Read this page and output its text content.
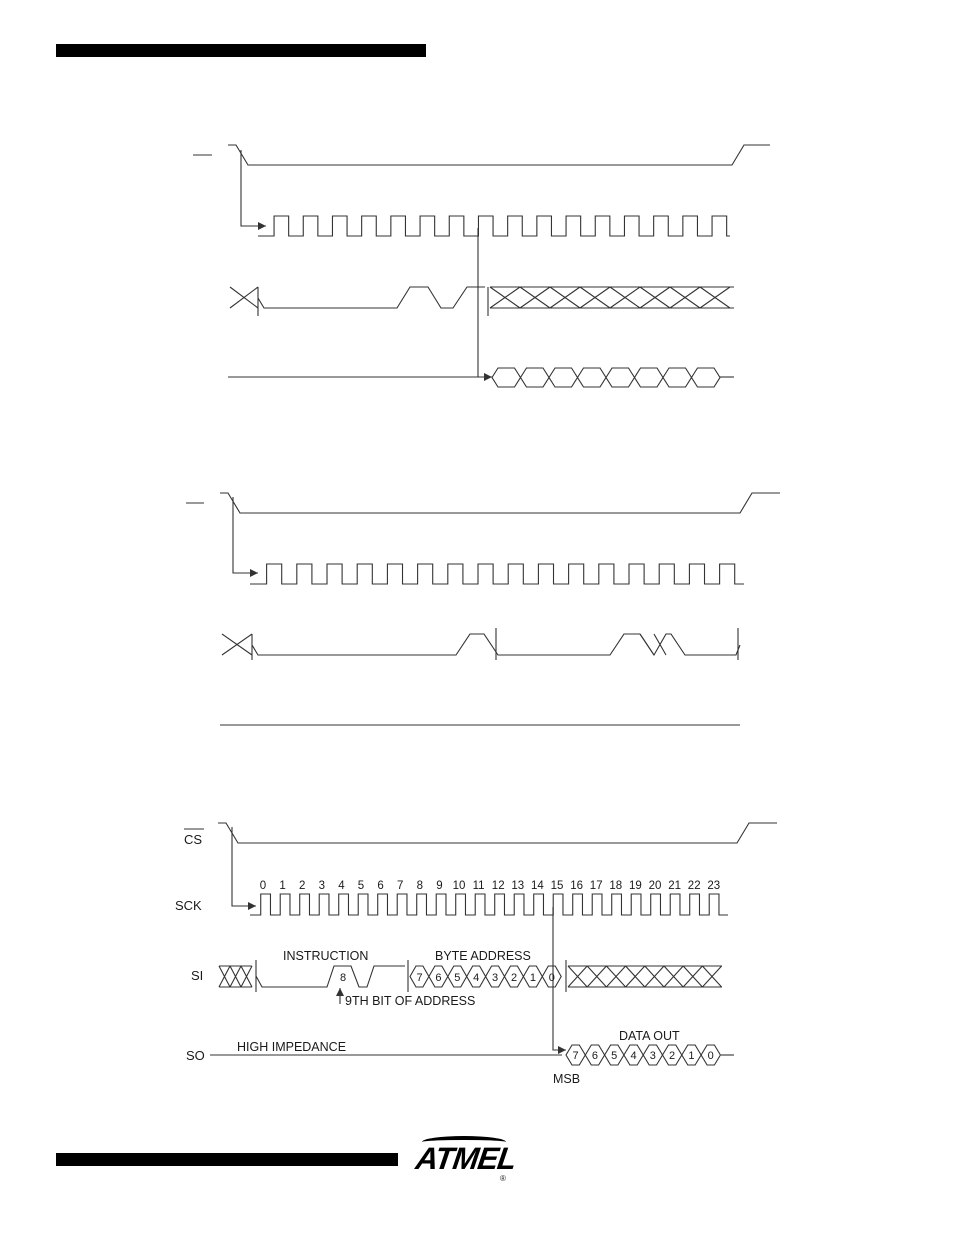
CS
SCK
SI
SO
0 1 2 3 4 5 6 7 8 9 10 11 12 13 14 15 16 17 18 19 20 21 22 23
INSTRUCTION	BYTE ADDRESS
9TH BIT OF ADDRESS
HIGH IMPEDANCE
DATA OUT
MSB
8	7 6 5 4 3 2 1 0
7 6 5 4 3 2 1 0
ATMEL
®
